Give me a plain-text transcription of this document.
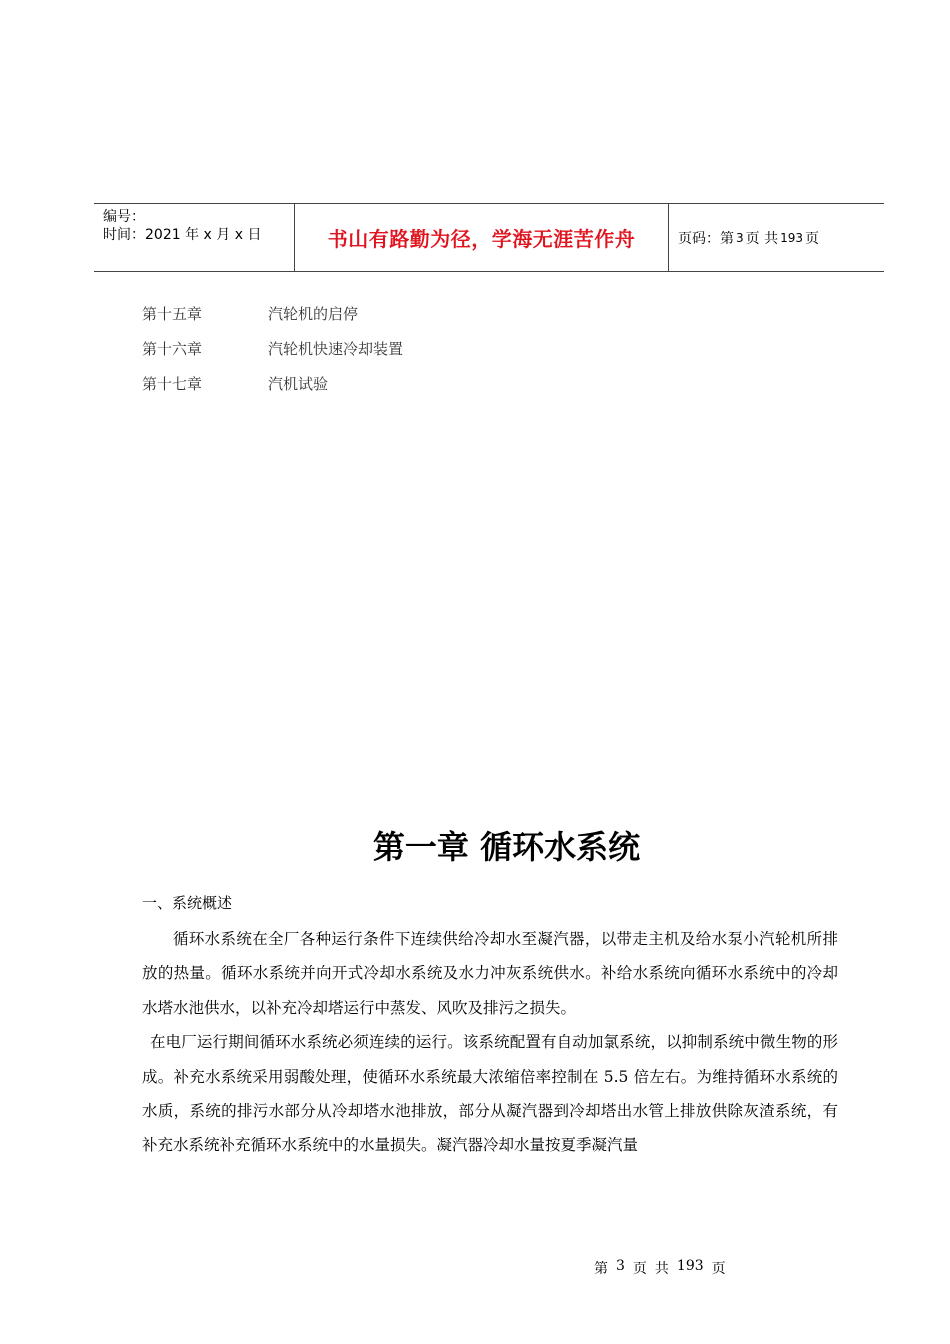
编号：
时间：2021 年 x 月 x 日	书山有路勤为径，学海无涯苦作舟	页码：第 3 页 共 193 页
第十五章	汽轮机的启停
第十六章	汽轮机快速冷却装置
第十七章	汽机试验
第一章 循环水系统
一、系统概述

循环水系统在全厂各种运行条件下连续供给冷却水至凝汽器，以带走主机及给水泵小汽轮机所排放的热量。循环水系统并向开式冷却水系统及水力冲灰系统供水。补给水系统向循环水系统中的冷却水塔水池供水，以补充冷却塔运行中蒸发、风吹及排污之损失。

在电厂运行期间循环水系统必须连续的运行。该系统配置有自动加氯系统，以抑制系统中微生物的形成。补充水系统采用弱酸处理，使循环水系统最大浓缩倍率控制在 5.5 倍左右。为维持循环水系统的水质，系统的排污水部分从冷却塔水池排放，部分从凝汽器到冷却塔出水管上排放供除灰渣系统，有补充水系统补充循环水系统中的水量损失。凝汽器冷却水量按夏季凝汽量

第 3 页 共 193 页
